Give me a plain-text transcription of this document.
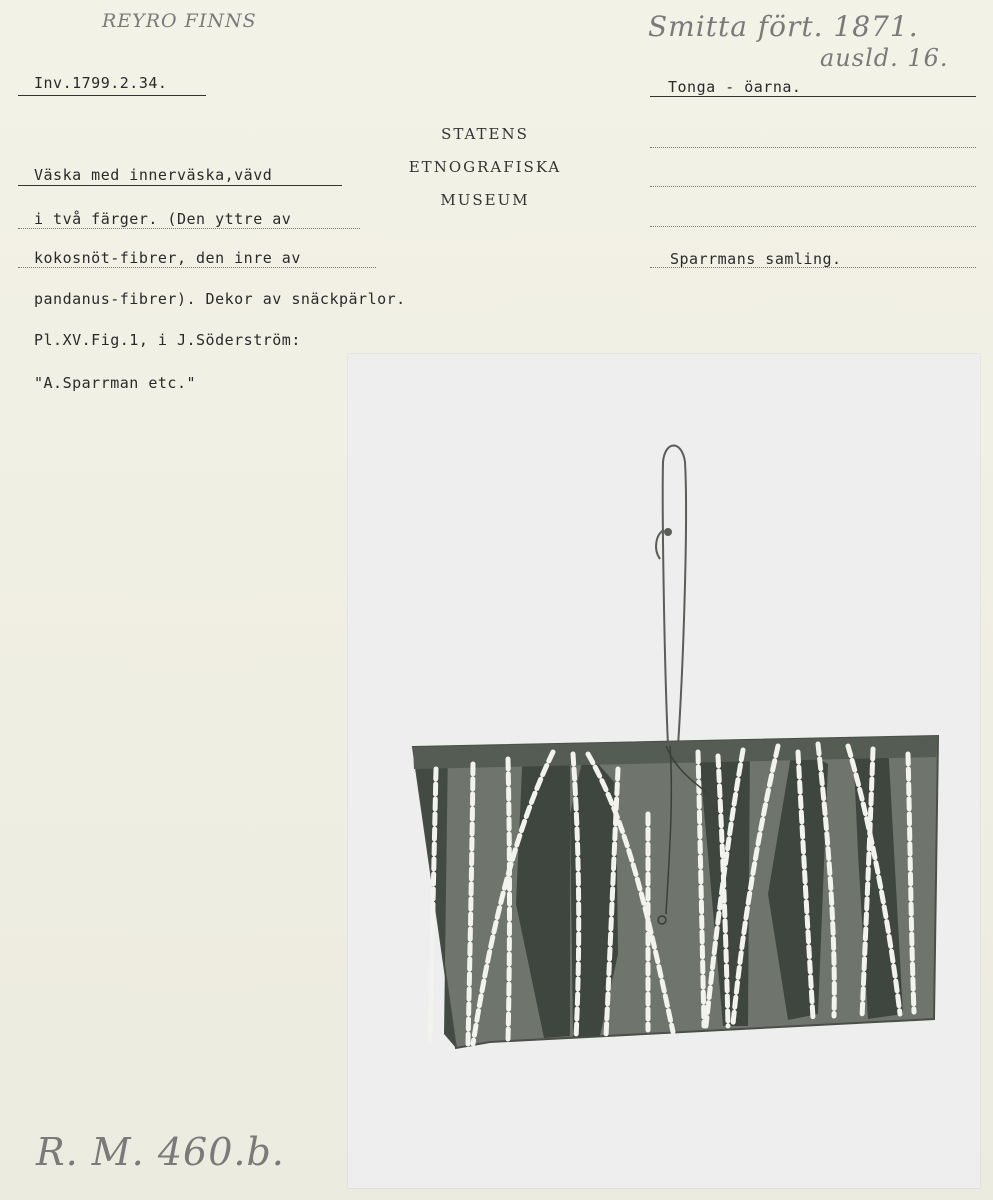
REYRO FINNS	Smitta fört. 1871.
ausld. 16.
Inv.1799.2.34.	Tonga - öarna.
STATENS
ETNOGRAFISKA
MUSEUM
Väska med innerväska,vävd
i två färger. (Den yttre av
kokosnöt-fibrer, den inre av
pandanus-fibrer). Dekor av snäckpärlor.
Pl.XV.Fig.1, i J.Söderström:
"A.Sparrman etc."
Sparrmans samling.
R. M. 460.b.
